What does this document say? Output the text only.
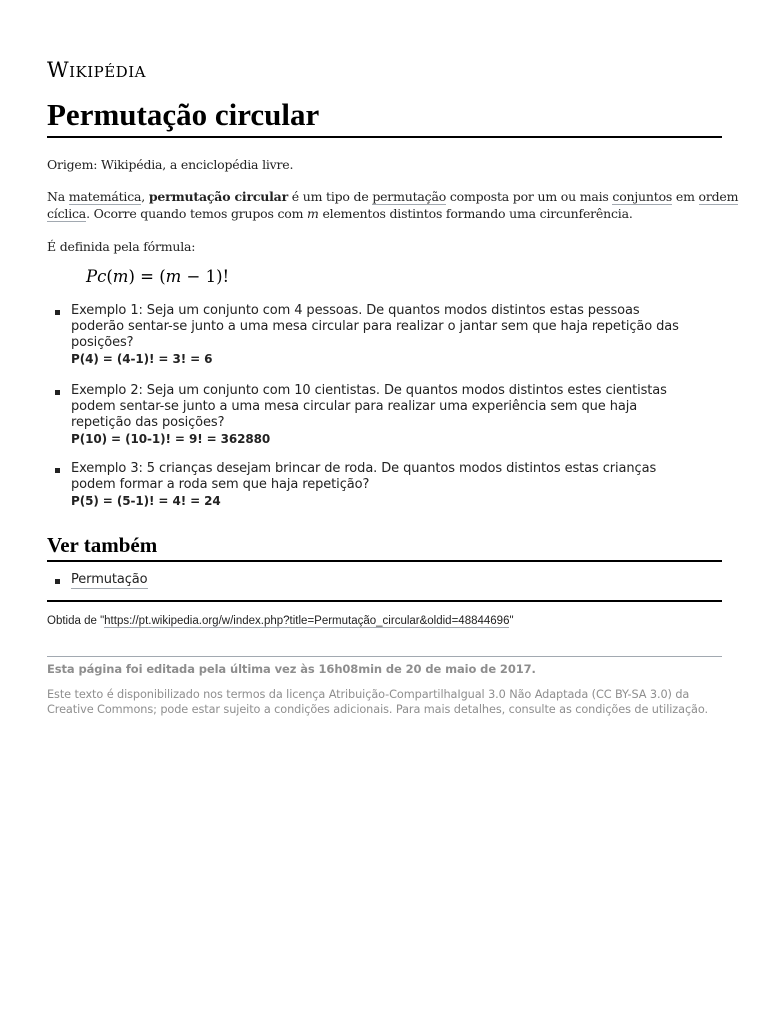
Wikipédia
Permutação circular
Origem: Wikipédia, a enciclopédia livre.
Na matemática, permutação circular é um tipo de permutação composta por um ou mais conjuntos em ordem
cíclica. Ocorre quando temos grupos com m elementos distintos formando uma circunferência.
É definida pela fórmula:
Pc(m) = (m − 1)!
Exemplo 1: Seja um conjunto com 4 pessoas. De quantos modos distintos estas pessoas
poderão sentar-se junto a uma mesa circular para realizar o jantar sem que haja repetição das
posições?
P(4) = (4-1)! = 3! = 6
Exemplo 2: Seja um conjunto com 10 cientistas. De quantos modos distintos estes cientistas
podem sentar-se junto a uma mesa circular para realizar uma experiência sem que haja
repetição das posições?
P(10) = (10-1)! = 9! = 362880
Exemplo 3: 5 crianças desejam brincar de roda. De quantos modos distintos estas crianças
podem formar a roda sem que haja repetição?
P(5) = (5-1)! = 4! = 24
Ver também
Permutação
Obtida de "https://pt.wikipedia.org/w/index.php?title=Permutação_circular&oldid=48844696"
Esta página foi editada pela última vez às 16h08min de 20 de maio de 2017.
Este texto é disponibilizado nos termos da licença Atribuição-CompartilhaIgual 3.0 Não Adaptada (CC BY-SA 3.0) da
Creative Commons; pode estar sujeito a condições adicionais. Para mais detalhes, consulte as condições de utilização.
